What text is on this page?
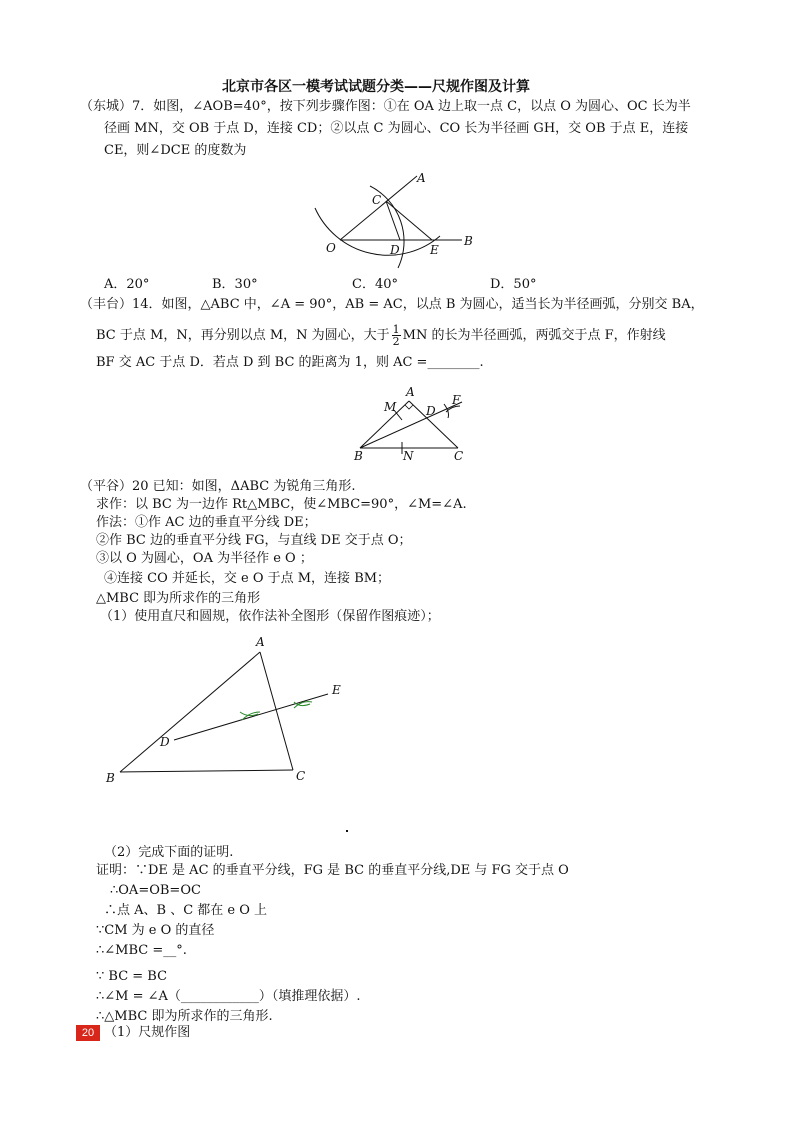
北京市各区一模考试试题分类——尺规作图及计算
（东城）7．如图，∠AOB=40°，按下列步骤作图：①在 OA 边上取一点 C，以点 O 为圆心、OC 长为半
径画 MN，交 OB 于点 D，连接 CD；②以点 C 为圆心、CO 长为半径画 GH，交 OB 于点 E，连接
CE，则∠DCE 的度数为
A
C
O	D	E
B
A．20°	B．30°	C．40°	D．50°
（丰台）14．如图，△ABC 中，∠A = 90°，AB = AC，以点 B 为圆心，适当长为半径画弧，分别交 BA，
BC 于点 M，N，再分别以点 M，N 为圆心，大于 $\frac{1}{2}$ MN 的长为半径画弧，两弧交于点 F，作射线
BF 交 AC 于点 D．若点 D 到 BC 的距离为 1，则 AC =________.
A
M D
F
B	N	C
（平谷）20 已知：如图，ΔABC 为锐角三角形.
求作：以 BC 为一边作 Rt△MBC，使∠MBC=90°，∠M=∠A.
作法：①作 AC 边的垂直平分线 DE；
②作 BC 边的垂直平分线 FG，与直线 DE 交于点 O；
③以 O 为圆心，OA 为半径作 e O ；
④连接 CO 并延长，交 e O 于点 M，连接 BM；
△MBC 即为所求作的三角形
（1）使用直尺和圆规，依作法补全图形（保留作图痕迹）；
A
E
D
B	C
（2）完成下面的证明.
证明：∵DE 是 AC 的垂直平分线，FG 是 BC 的垂直平分线,DE 与 FG 交于点 O
∴OA=OB=OC
∴点 A、B 、C 都在 e O 上
∵CM 为 e O 的直径
∴∠MBC =__°.
∵ BC = BC
∴∠M = ∠A（____________）（填推理依据）.
∴△MBC 即为所求作的三角形.
20 （1）尺规作图
